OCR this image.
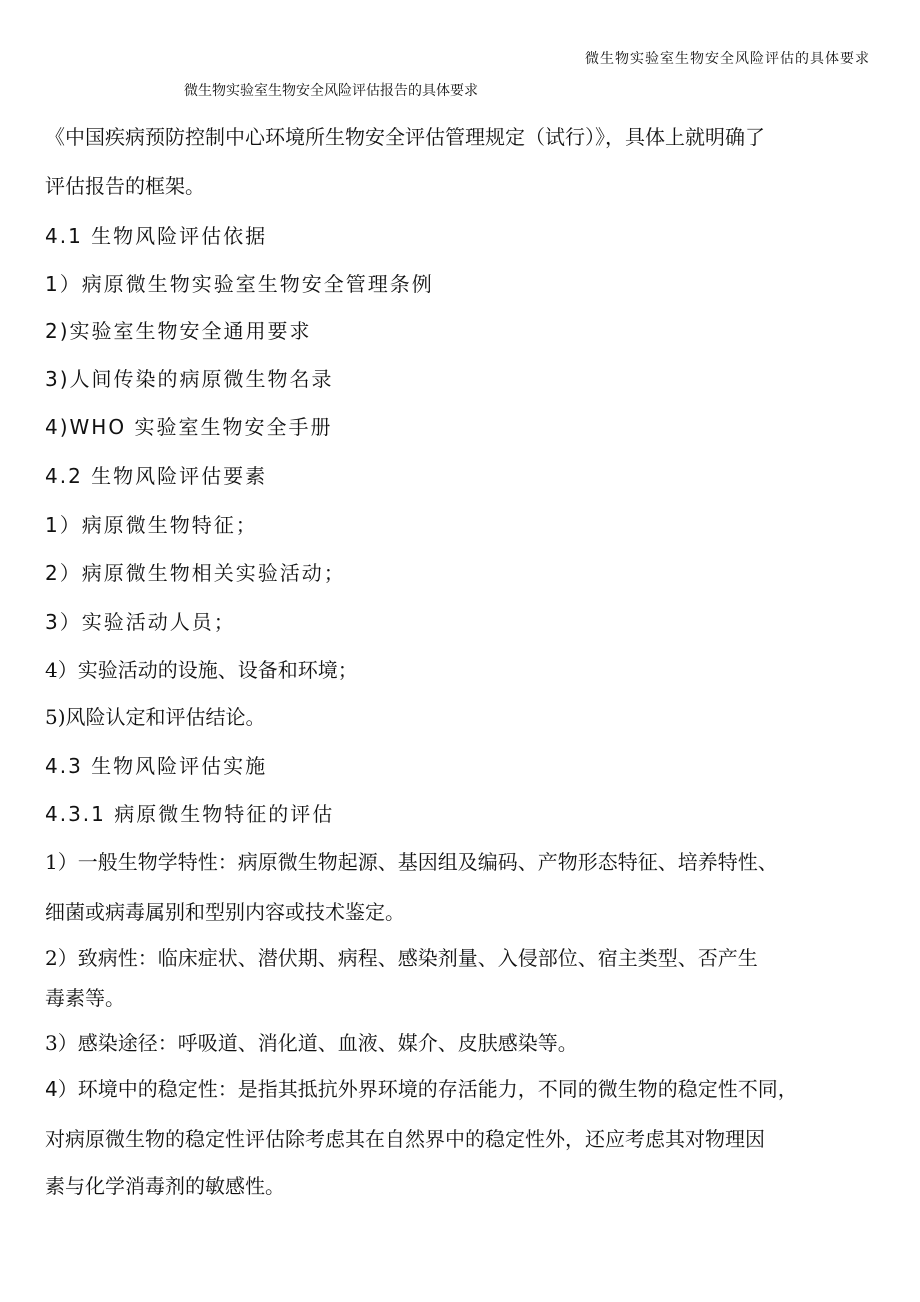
微生物实验室生物安全风险评估的具体要求
微生物实验室生物安全风险评估报告的具体要求
《中国疾病预防控制中心环境所生物安全评估管理规定（试行）》，具体上就明确了
评估报告的框架。
4.1 生物风险评估依据
1）病原微生物实验室生物安全管理条例
2)实验室生物安全通用要求
3)人间传染的病原微生物名录
4)WHO 实验室生物安全手册
4.2 生物风险评估要素
1）病原微生物特征；
2）病原微生物相关实验活动；
3）实验活动人员；
4）实验活动的设施、设备和环境；
5)风险认定和评估结论。
4.3 生物风险评估实施
4.3.1 病原微生物特征的评估
1）一般生物学特性：病原微生物起源、基因组及编码、产物形态特征、培养特性、
细菌或病毒属别和型别内容或技术鉴定。
2）致病性：临床症状、潜伏期、病程、感染剂量、入侵部位、宿主类型、否产生
毒素等。
3）感染途径：呼吸道、消化道、血液、媒介、皮肤感染等。
4）环境中的稳定性：是指其抵抗外界环境的存活能力，不同的微生物的稳定性不同，
对病原微生物的稳定性评估除考虑其在自然界中的稳定性外，还应考虑其对物理因
素与化学消毒剂的敏感性。
